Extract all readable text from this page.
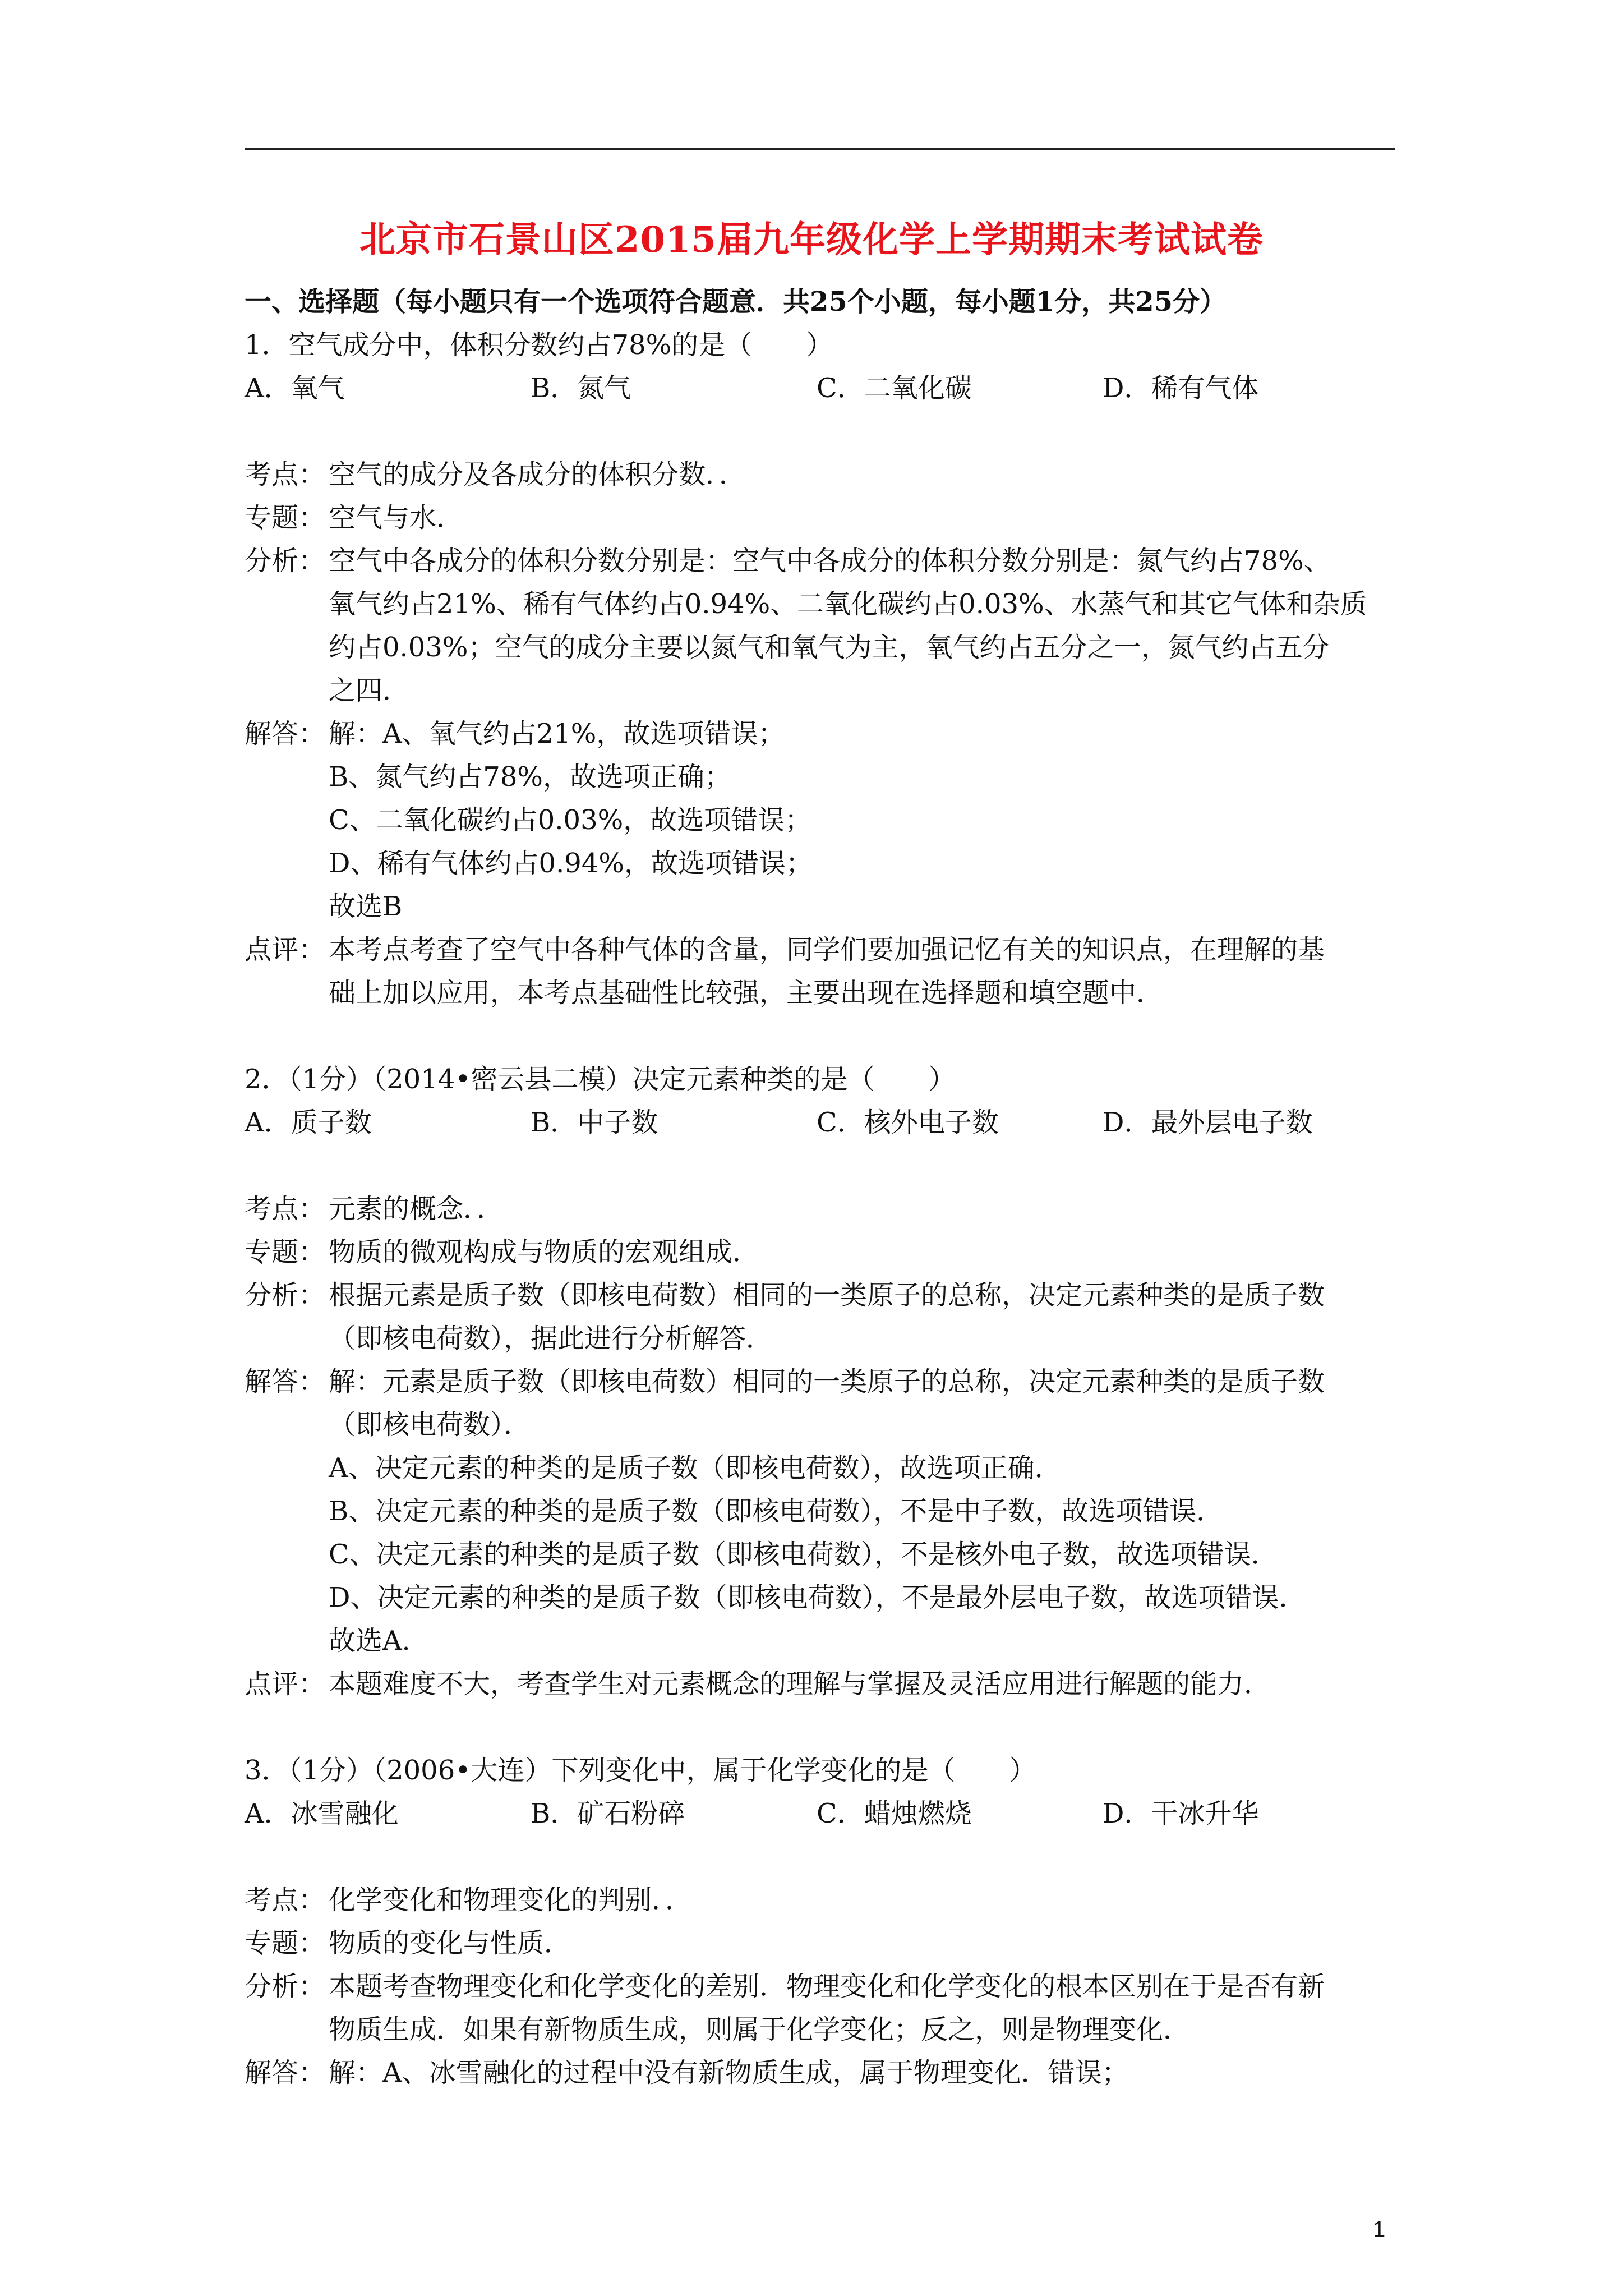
北京市石景山区2015届九年级化学上学期期末考试试卷
一、选择题（每小题只有一个选项符合题意．共25个小题，每小题1分，共25分）
1．空气成分中，体积分数约占78%的是（　　）
A．氧气	B．氮气	C．二氧化碳	D．稀有气体
考点： 空气的成分及各成分的体积分数．．
专题： 空气与水．
分析： 空气中各成分的体积分数分别是：空气中各成分的体积分数分别是：氮气约占78%、
氧气约占21%、稀有气体约占0.94%、二氧化碳约占0.03%、水蒸气和其它气体和杂质
约占0.03%；空气的成分主要以氮气和氧气为主，氧气约占五分之一，氮气约占五分
之四．
解答： 解：A、氧气约占21%，故选项错误；
B、氮气约占78%，故选项正确；
C、二氧化碳约占0.03%，故选项错误；
D、稀有气体约占0.94%，故选项错误；
故选B
点评： 本考点考查了空气中各种气体的含量，同学们要加强记忆有关的知识点，在理解的基
础上加以应用，本考点基础性比较强，主要出现在选择题和填空题中．
2．（1分）（2014•密云县二模）决定元素种类的是（　　）
A．质子数	B．中子数	C．核外电子数	D．最外层电子数
考点： 元素的概念．．
专题： 物质的微观构成与物质的宏观组成．
分析： 根据元素是质子数（即核电荷数）相同的一类原子的总称，决定元素种类的是质子数
（即核电荷数），据此进行分析解答．
解答： 解：元素是质子数（即核电荷数）相同的一类原子的总称，决定元素种类的是质子数
（即核电荷数）．
A、决定元素的种类的是质子数（即核电荷数），故选项正确．
B、决定元素的种类的是质子数（即核电荷数），不是中子数，故选项错误．
C、决定元素的种类的是质子数（即核电荷数），不是核外电子数，故选项错误．
D、决定元素的种类的是质子数（即核电荷数），不是最外层电子数，故选项错误．
故选A．
点评： 本题难度不大，考查学生对元素概念的理解与掌握及灵活应用进行解题的能力．
3．（1分）（2006•大连）下列变化中，属于化学变化的是（　　）
A．冰雪融化	B．矿石粉碎	C．蜡烛燃烧	D．干冰升华
考点： 化学变化和物理变化的判别．．
专题： 物质的变化与性质．
分析： 本题考查物理变化和化学变化的差别．物理变化和化学变化的根本区别在于是否有新
物质生成．如果有新物质生成，则属于化学变化；反之，则是物理变化．
解答： 解：A、冰雪融化的过程中没有新物质生成，属于物理变化．错误；
1
